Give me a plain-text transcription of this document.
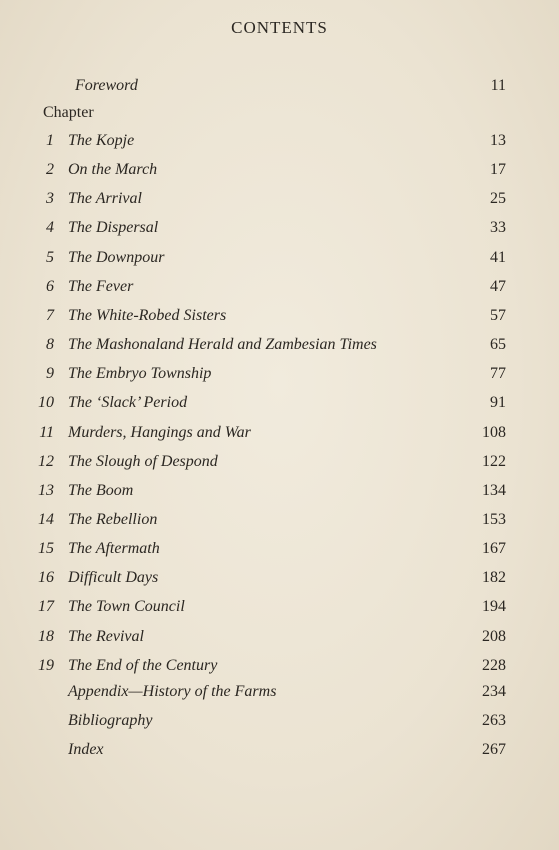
CONTENTS
Foreword	11
Chapter
1 The Kopje	13
2 On the March	17
3 The Arrival	25
4 The Dispersal	33
5 The Downpour	41
6 The Fever	47
7 The White-Robed Sisters	57
8 The Mashonaland Herald and Zambesian Times	65
9 The Embryo Township	77
10 The ‘Slack’ Period	91
11 Murders, Hangings and War	108
12 The Slough of Despond	122
13 The Boom	134
14 The Rebellion	153
15 The Aftermath	167
16 Difficult Days	182
17 The Town Council	194
18 The Revival	208
19 The End of the Century	228
Appendix—History of the Farms	234
Bibliography	263
Index	267
